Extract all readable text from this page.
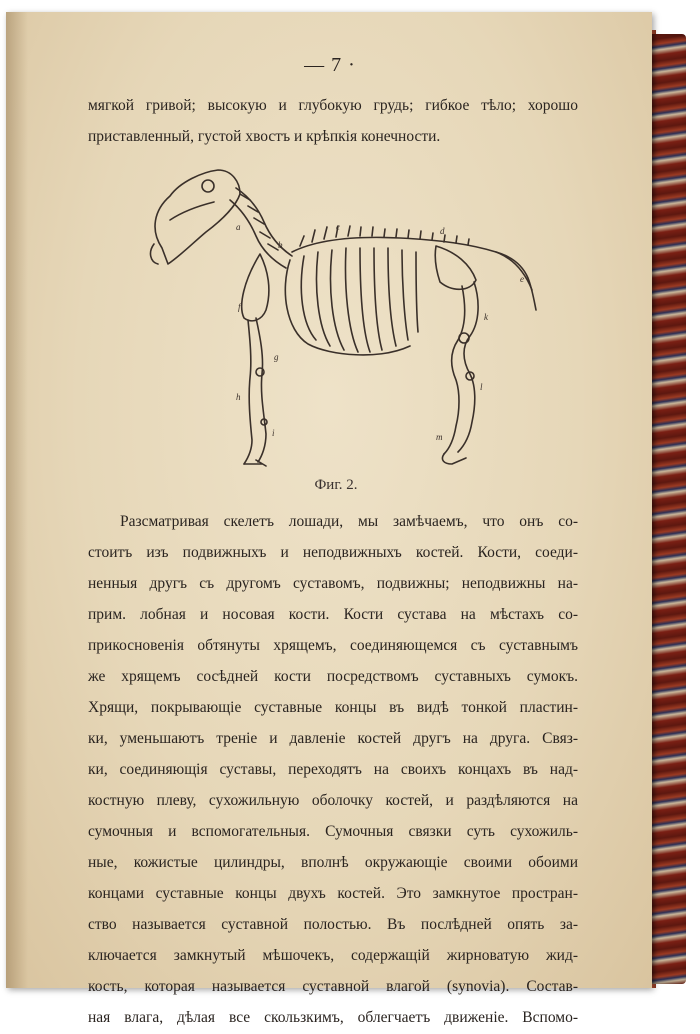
— 7 ·
мягкой гривой; высокую и глубокую грудь; гибкое тѣло; хорошо
приставленный, густой хвостъ и крѣпкія конечности.
a
b
c	d
e
f
g
h
i
k
l
m
Фиг. 2.
Разсматривая скелетъ лошади, мы замѣчаемъ, что онъ со-
стоитъ изъ подвижныхъ и неподвижныхъ костей. Кости, соеди-
ненныя другъ съ другомъ суставомъ, подвижны; неподвижны на-
прим. лобная и носовая кости. Кости сустава на мѣстахъ со-
прикосновенія обтянуты хрящемъ, соединяющемся съ суставнымъ
же хрящемъ сосѣдней кости посредствомъ суставныхъ сумокъ.
Хрящи, покрывающіе суставные концы въ видѣ тонкой пластин-
ки, уменьшаютъ треніе и давленіе костей другъ на друга. Связ-
ки, соединяющія суставы, переходятъ на своихъ концахъ въ над-
костную плеву, сухожильную оболочку костей, и раздѣляются на
сумочныя и вспомогательныя. Сумочныя связки суть сухожиль-
ные, кожистые цилиндры, вполнѣ окружающіе своими обоими
концами суставные концы двухъ костей. Это замкнутое простран-
ство называется суставной полостью. Въ послѣдней опять за-
ключается замкнутый мѣшочекъ, содержащій жирноватую жид-
кость, которая называется суставной влагой (synovia). Состав-
ная влага, дѣлая все скользкимъ, облегчаетъ движеніе. Вспомо-
